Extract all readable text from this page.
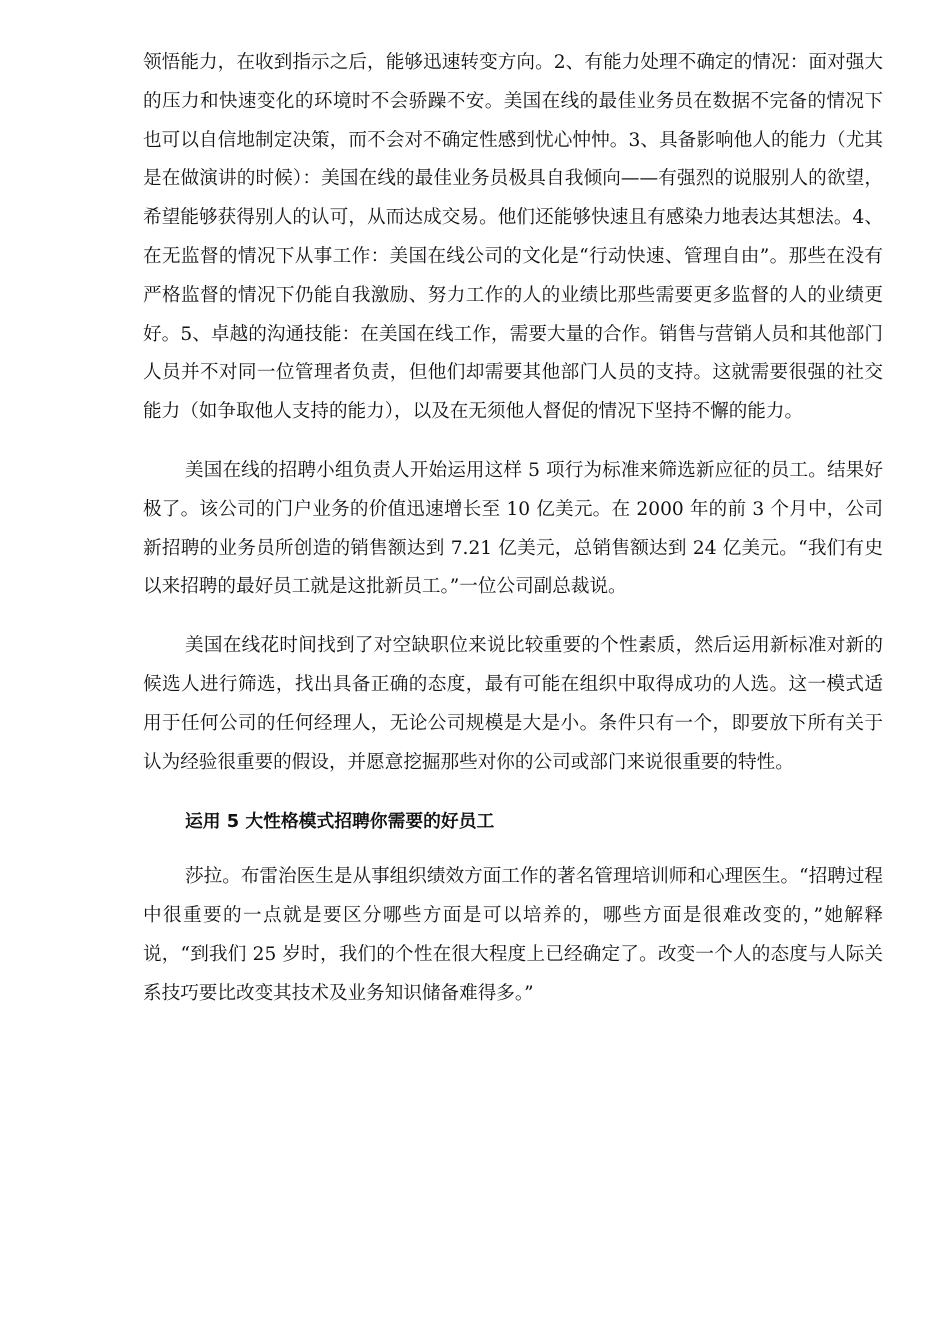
领悟能力，在收到指示之后，能够迅速转变方向。2、有能力处理不确定的情况：面对强大的压力和快速变化的环境时不会骄躁不安。美国在线的最佳业务员在数据不完备的情况下也可以自信地制定决策，而不会对不确定性感到忧心忡忡。3、具备影响他人的能力（尤其是在做演讲的时候）：美国在线的最佳业务员极具自我倾向——有强烈的说服别人的欲望，希望能够获得别人的认可，从而达成交易。他们还能够快速且有感染力地表达其想法。4、在无监督的情况下从事工作：美国在线公司的文化是“行动快速、管理自由”。那些在没有严格监督的情况下仍能自我激励、努力工作的人的业绩比那些需要更多监督的人的业绩更好。5、卓越的沟通技能：在美国在线工作，需要大量的合作。销售与营销人员和其他部门人员并不对同一位管理者负责，但他们却需要其他部门人员的支持。这就需要很强的社交能力（如争取他人支持的能力），以及在无须他人督促的情况下坚持不懈的能力。

美国在线的招聘小组负责人开始运用这样 5 项行为标准来筛选新应征的员工。结果好极了。该公司的门户业务的价值迅速增长至 10 亿美元。在 2000 年的前 3 个月中，公司新招聘的业务员所创造的销售额达到 7.21 亿美元，总销售额达到 24 亿美元。“我们有史以来招聘的最好员工就是这批新员工。”一位公司副总裁说。

美国在线花时间找到了对空缺职位来说比较重要的个性素质，然后运用新标准对新的候选人进行筛选，找出具备正确的态度，最有可能在组织中取得成功的人选。这一模式适用于任何公司的任何经理人，无论公司规模是大是小。条件只有一个，即要放下所有关于认为经验很重要的假设，并愿意挖掘那些对你的公司或部门来说很重要的特性。

运用 5 大性格模式招聘你需要的好员工

莎拉。布雷治医生是从事组织绩效方面工作的著名管理培训师和心理医生。“招聘过程中很重要的一点就是要区分哪些方面是可以培养的，哪些方面是很难改变的，”她解释说，“到我们 25 岁时，我们的个性在很大程度上已经确定了。改变一个人的态度与人际关系技巧要比改变其技术及业务知识储备难得多。”
